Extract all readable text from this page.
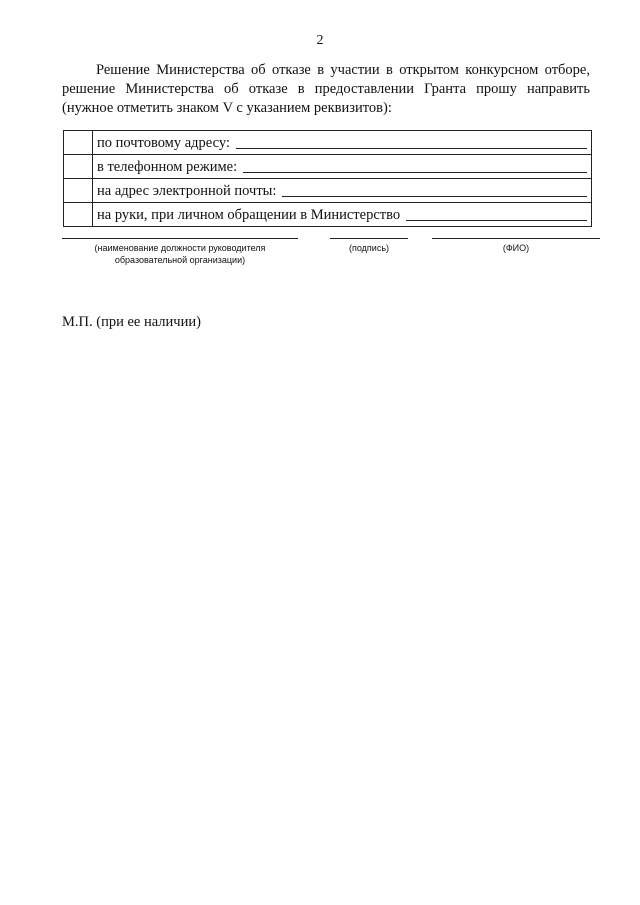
2
Решение Министерства об отказе в участии в открытом конкурсном отборе, решение Министерства об отказе в предоставлении Гранта прошу направить (нужное отметить знаком V с указанием реквизитов):

	по почтовому адресу:

	в телефонном режиме:

	на адрес электронной почты:

	на руки, при личном обращении в Министерство
(наименование должности руководителя
образовательной организации)
(подпись)	(ФИО)
М.П. (при ее наличии)
